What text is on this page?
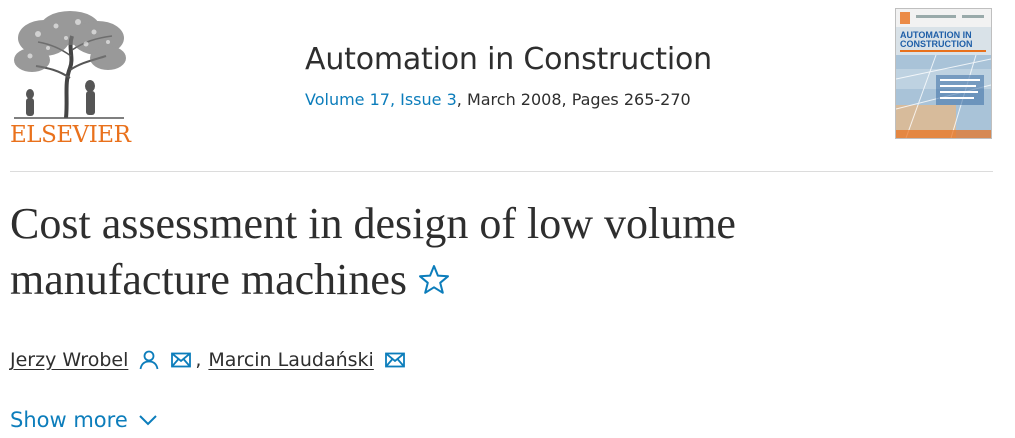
ELSEVIER
Automation in Construction
Volume 17, Issue 3, March 2008, Pages 265-270
AUTOMATION IN
CONSTRUCTION
Cost assessment in design of low volume
manufacture machines
Jerzy Wrobel	, Marcin Laudański
Show more
